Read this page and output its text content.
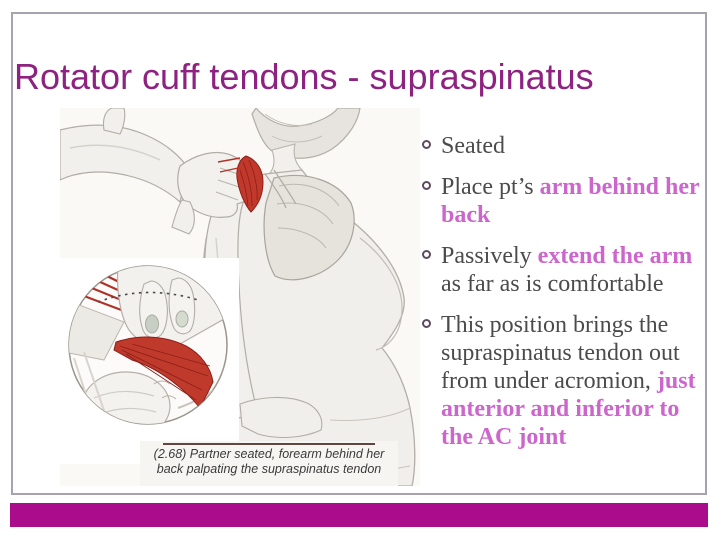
Rotator cuff tendons - supraspinatus
(2.68) Partner seated, forearm behind her
back palpating the supraspinatus tendon
Seated
Place pt’s arm behind her back
Passively extend the arm as far as is comfortable
This position brings the supraspinatus tendon out from under acromion, just anterior and inferior to the AC joint
